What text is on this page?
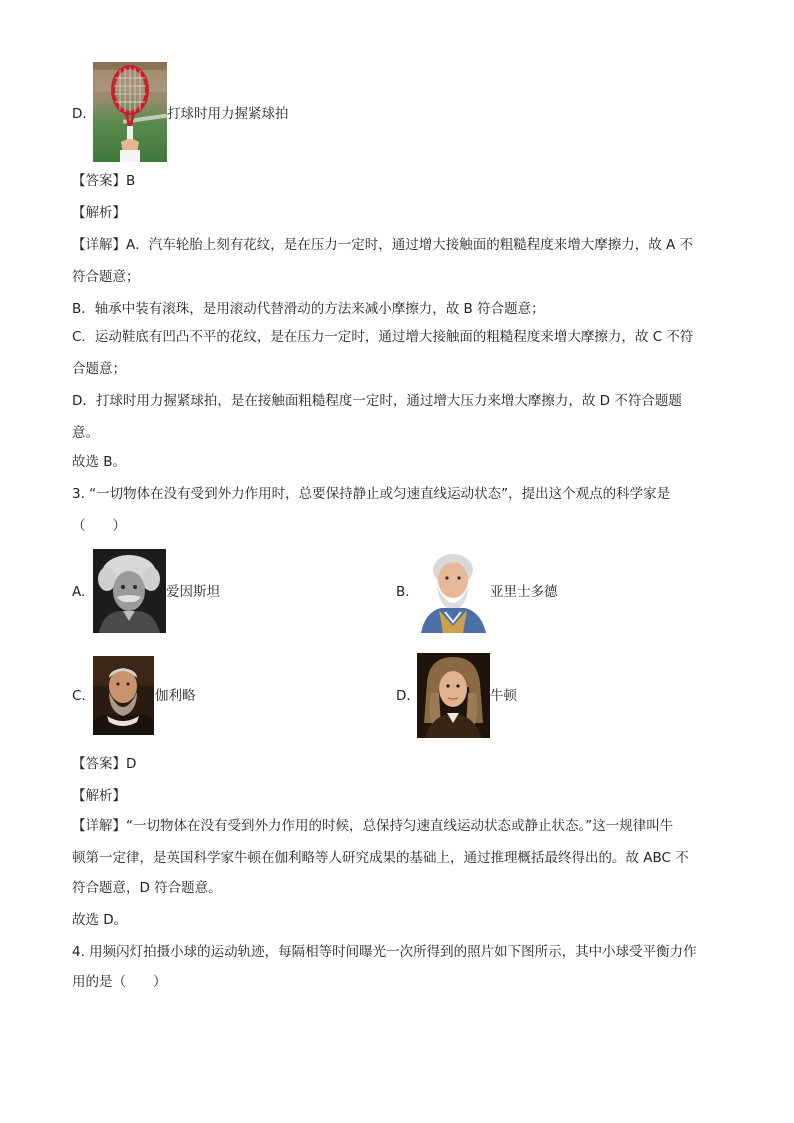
D.	打球时用力握紧球拍
【答案】B
【解析】
【详解】A．汽车轮胎上刻有花纹，是在压力一定时，通过增大接触面的粗糙程度来增大摩擦力，故 A 不
符合题意；
B．轴承中装有滚珠，是用滚动代替滑动的方法来减小摩擦力，故 B 符合题意；
C．运动鞋底有凹凸不平的花纹，是在压力一定时，通过增大接触面的粗糙程度来增大摩擦力，故 C 不符
合题意；
D．打球时用力握紧球拍，是在接触面粗糙程度一定时，通过增大压力来增大摩擦力，故 D 不符合题题
意。
故选 B。
3. “一切物体在没有受到外力作用时，总要保持静止或匀速直线运动状态”，提出这个观点的科学家是
（　　）
A.	爱因斯坦	B.	亚里士多德
C.	伽利略	D.	牛顿
【答案】D
【解析】
【详解】“一切物体在没有受到外力作用的时候，总保持匀速直线运动状态或静止状态。”这一规律叫牛
顿第一定律，是英国科学家牛顿在伽利略等人研究成果的基础上，通过推理概括最终得出的。故 ABC 不
符合题意，D 符合题意。
故选 D。
4. 用频闪灯拍摄小球的运动轨迹，每隔相等时间曝光一次所得到的照片如下图所示，其中小球受平衡力作
用的是（　　）
